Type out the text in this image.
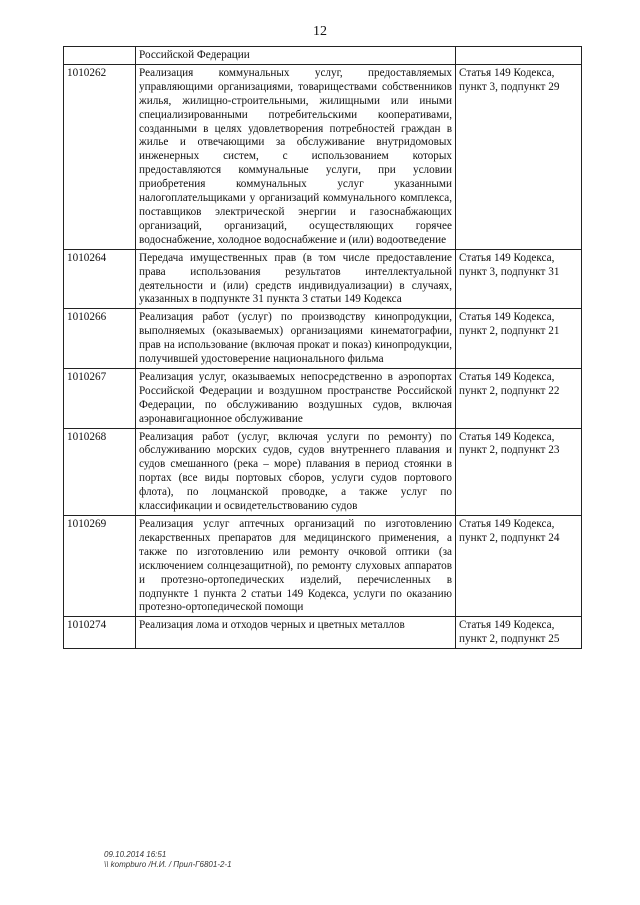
12
	Российской Федерации	
1010262	Реализация коммунальных услуг, предоставляемых управляющими организациями, товариществами собственников жилья, жилищно-строительными, жилищными или иными специализированными потребительскими кооперативами, созданными в целях удовлетворения потребностей граждан в жилье и отвечающими за обслуживание внутридомовых инженерных систем, с использованием которых предоставляются коммунальные услуги, при условии приобретения коммунальных услуг указанными налогоплательщиками у организаций коммунального комплекса, поставщиков электрической энергии и газоснабжающих организаций, организаций, осуществляющих горячее водоснабжение, холодное водоснабжение и (или) водоотведение	Статья 149 Кодекса, пункт 3, подпункт 29
1010264	Передача имущественных прав (в том числе предоставление права использования результатов интеллектуальной деятельности и (или) средств индивидуализации) в случаях, указанных в подпункте 31 пункта 3 статьи 149 Кодекса	Статья 149 Кодекса, пункт 3, подпункт 31
1010266	Реализация работ (услуг) по производству кинопродукции, выполняемых (оказываемых) организациями кинематографии, прав на использование (включая прокат и показ) кинопродукции, получившей удостоверение национального фильма	Статья 149 Кодекса, пункт 2, подпункт 21
1010267	Реализация услуг, оказываемых непосредственно в аэропортах Российской Федерации и воздушном пространстве Российской Федерации, по обслуживанию воздушных судов, включая аэронавигационное обслуживание	Статья 149 Кодекса, пункт 2, подпункт 22
1010268	Реализация работ (услуг, включая услуги по ремонту) по обслуживанию морских судов, судов внутреннего плавания и судов смешанного (река – море) плавания в период стоянки в портах (все виды портовых сборов, услуги судов портового флота), по лоцманской проводке, а также услуг по классификации и освидетельствованию судов	Статья 149 Кодекса, пункт 2, подпункт 23
1010269	Реализация услуг аптечных организаций по изготовлению лекарственных препаратов для медицинского применения, а также по изготовлению или ремонту очковой оптики (за исключением солнцезащитной), по ремонту слуховых аппаратов и протезно-ортопедических изделий, перечисленных в подпункте 1 пункта 2 статьи 149 Кодекса, услуги по оказанию протезно-ортопедической помощи	Статья 149 Кодекса, пункт 2, подпункт 24
1010274	Реализация лома и отходов черных и цветных металлов	Статья 149 Кодекса, пункт 2, подпункт 25
09.10.2014 16:51
\\ kompburo /Н.И. / Прил-Г6801-2-1
